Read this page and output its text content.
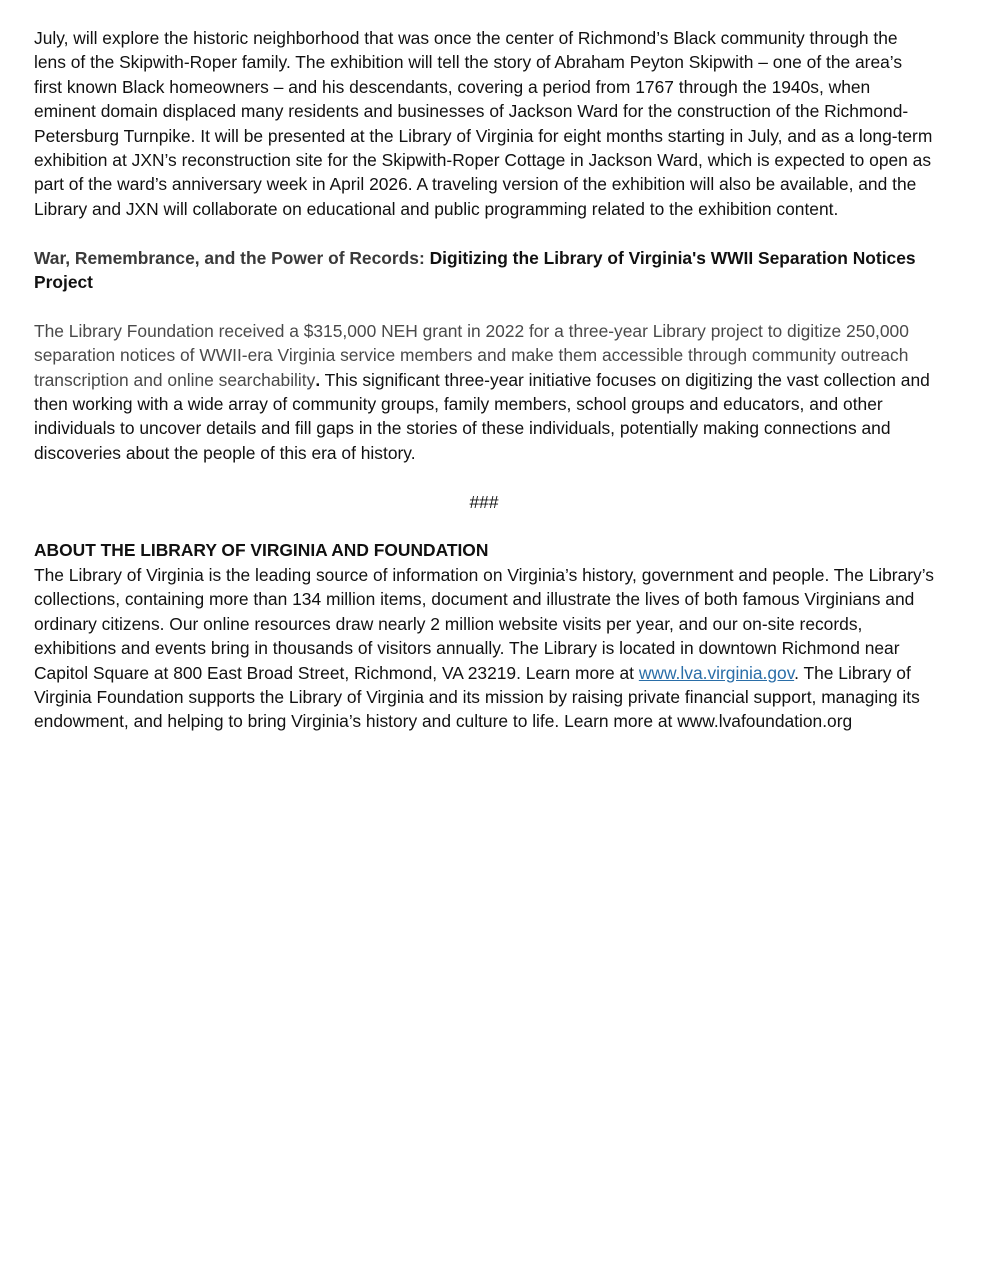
July, will explore the historic neighborhood that was once the center of Richmond’s Black community through the lens of the Skipwith-Roper family. The exhibition will tell the story of Abraham Peyton Skipwith – one of the area’s first known Black homeowners – and his descendants, covering a period from 1767 through the 1940s, when eminent domain displaced many residents and businesses of Jackson Ward for the construction of the Richmond-Petersburg Turnpike. It will be presented at the Library of Virginia for eight months starting in July, and as a long-term exhibition at JXN’s reconstruction site for the Skipwith-Roper Cottage in Jackson Ward, which is expected to open as part of the ward’s anniversary week in April 2026. A traveling version of the exhibition will also be available, and the Library and JXN will collaborate on educational and public programming related to the exhibition content.

War, Remembrance, and the Power of Records: Digitizing the Library of Virginia's WWII Separation Notices Project

The Library Foundation received a $315,000 NEH grant in 2022 for a three-year Library project to digitize 250,000 separation notices of WWII-era Virginia service members and make them accessible through community outreach transcription and online searchability. This significant three-year initiative focuses on digitizing the vast collection and then working with a wide array of community groups, family members, school groups and educators, and other individuals to uncover details and fill gaps in the stories of these individuals, potentially making connections and discoveries about the people of this era of history.

###

ABOUT THE LIBRARY OF VIRGINIA AND FOUNDATION

The Library of Virginia is the leading source of information on Virginia’s history, government and people. The Library’s collections, containing more than 134 million items, document and illustrate the lives of both famous Virginians and ordinary citizens. Our online resources draw nearly 2 million website visits per year, and our on-site records, exhibitions and events bring in thousands of visitors annually. The Library is located in downtown Richmond near Capitol Square at 800 East Broad Street, Richmond, VA 23219. Learn more at www.lva.virginia.gov. The Library of Virginia Foundation supports the Library of Virginia and its mission by raising private financial support, managing its endowment, and helping to bring Virginia’s history and culture to life. Learn more at www.lvafoundation.org
